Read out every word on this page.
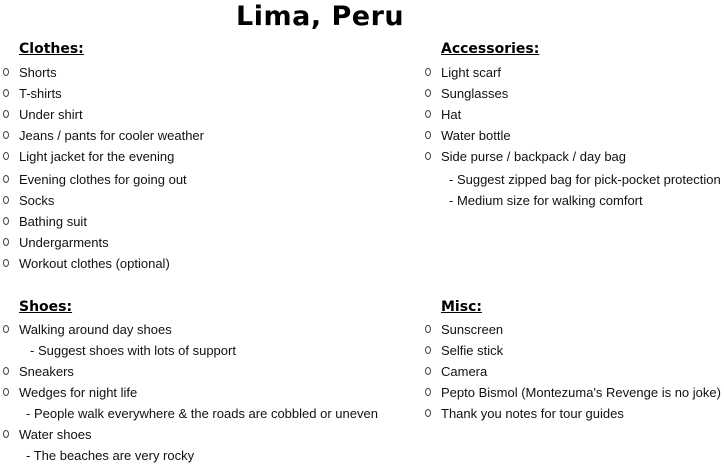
Lima, Peru
Clothes:
Shorts
T-shirts
Under shirt
Jeans / pants for cooler weather
Light jacket for the evening
Evening clothes for going out
Socks
Bathing suit
Undergarments
Workout clothes (optional)
Shoes:
Walking around day shoes
- Suggest shoes with lots of support
Sneakers
Wedges for night life
- People walk everywhere & the roads are cobbled or uneven
Water shoes
- The beaches are very rocky
Accessories:
Light scarf
Sunglasses
Hat
Water bottle
Side purse / backpack / day bag
- Suggest zipped bag for pick-pocket protection
- Medium size for walking comfort
Misc:
Sunscreen
Selfie stick
Camera
Pepto Bismol (Montezuma's Revenge is no joke)
Thank you notes for tour guides
